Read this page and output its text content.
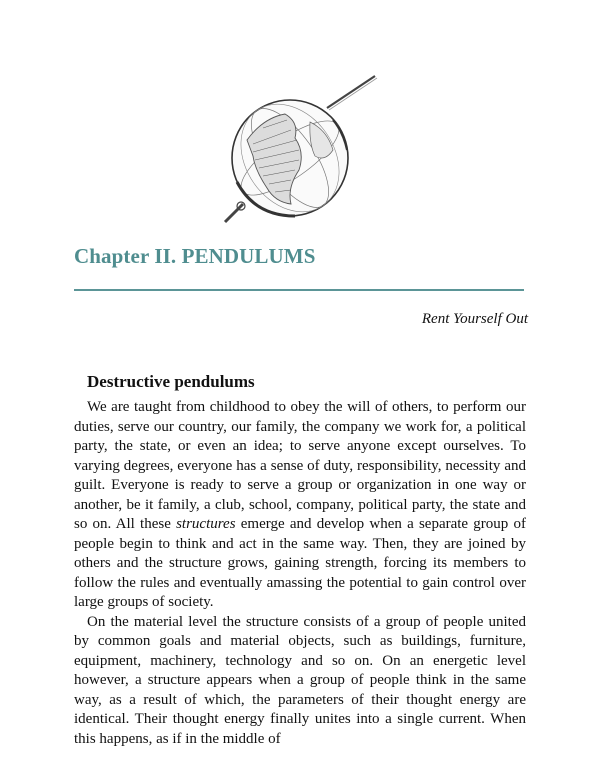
Chapter II. PENDULUMS

Rent Yourself Out

Destructive pendulums

We are taught from childhood to obey the will of others, to perform our duties, serve our country, our family, the company we work for, a political party, the state, or even an idea; to serve anyone except ourselves. To varying degrees, everyone has a sense of duty, responsibility, necessity and guilt. Everyone is ready to serve a group or organization in one way or another, be it family, a club, school, company, political party, the state and so on. All these structures emerge and develop when a separate group of people begin to think and act in the same way. Then, they are joined by others and the structure grows, gaining strength, forcing its members to follow the rules and eventually amassing the potential to gain control over large groups of society.

On the material level the structure consists of a group of people united by common goals and material objects, such as buildings, furniture, equipment, machinery, technology and so on. On an energetic level however, a structure appears when a group of people think in the same way, as a result of which, the parameters of their thought energy are identical. Their thought energy finally unites into a single current. When this happens, as if in the middle of
